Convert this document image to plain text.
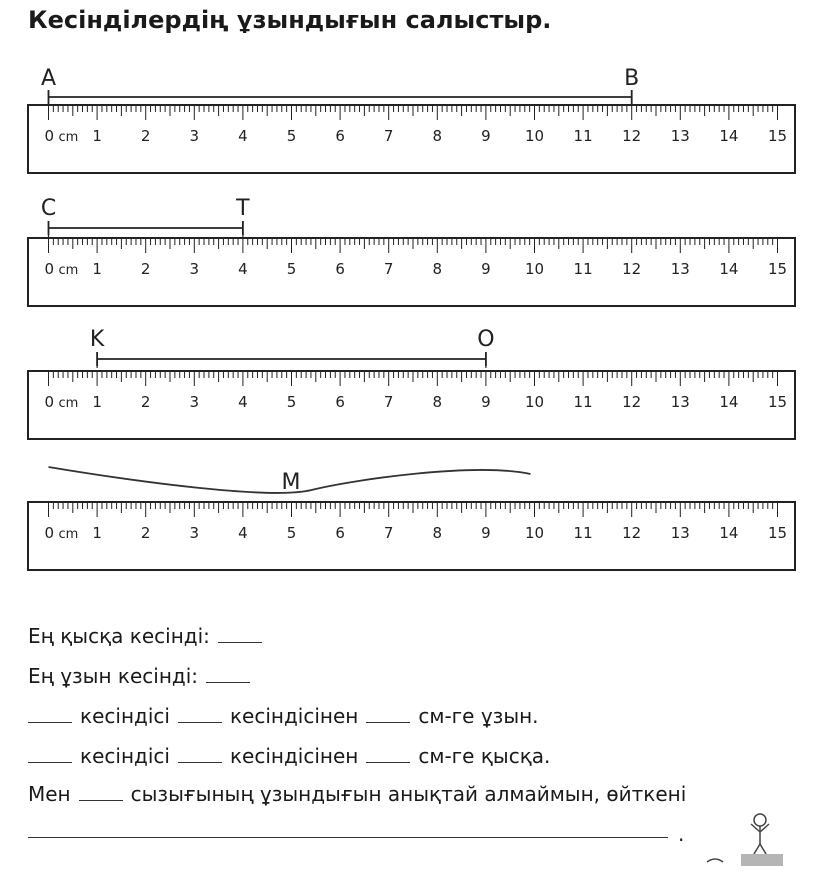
Кесінділердің ұзындығын салыстыр.
0	1	2	3	4	5	6	7	8	9 10 11 12 13 14 15
cm
A	B
0	1	2	3	4	5	6	7	8	9 10 11 12 13 14 15
cm
C	T
0	1	2	3	4	5	6	7	8	9 10 11 12 13 14 15
cm
K	O
0	1	2	3	4	5	6	7	8	9 10 11 12 13 14 15
cm
M
Ең қысқа кесінді:
Ең ұзын кесінді:
кесіндісі	кесіндісінен	см-ге ұзын.
кесіндісі	кесіндісінен	см-ге қысқа.
Мен	сызығының ұзындығын анықтай алмаймын, өйткені
.
